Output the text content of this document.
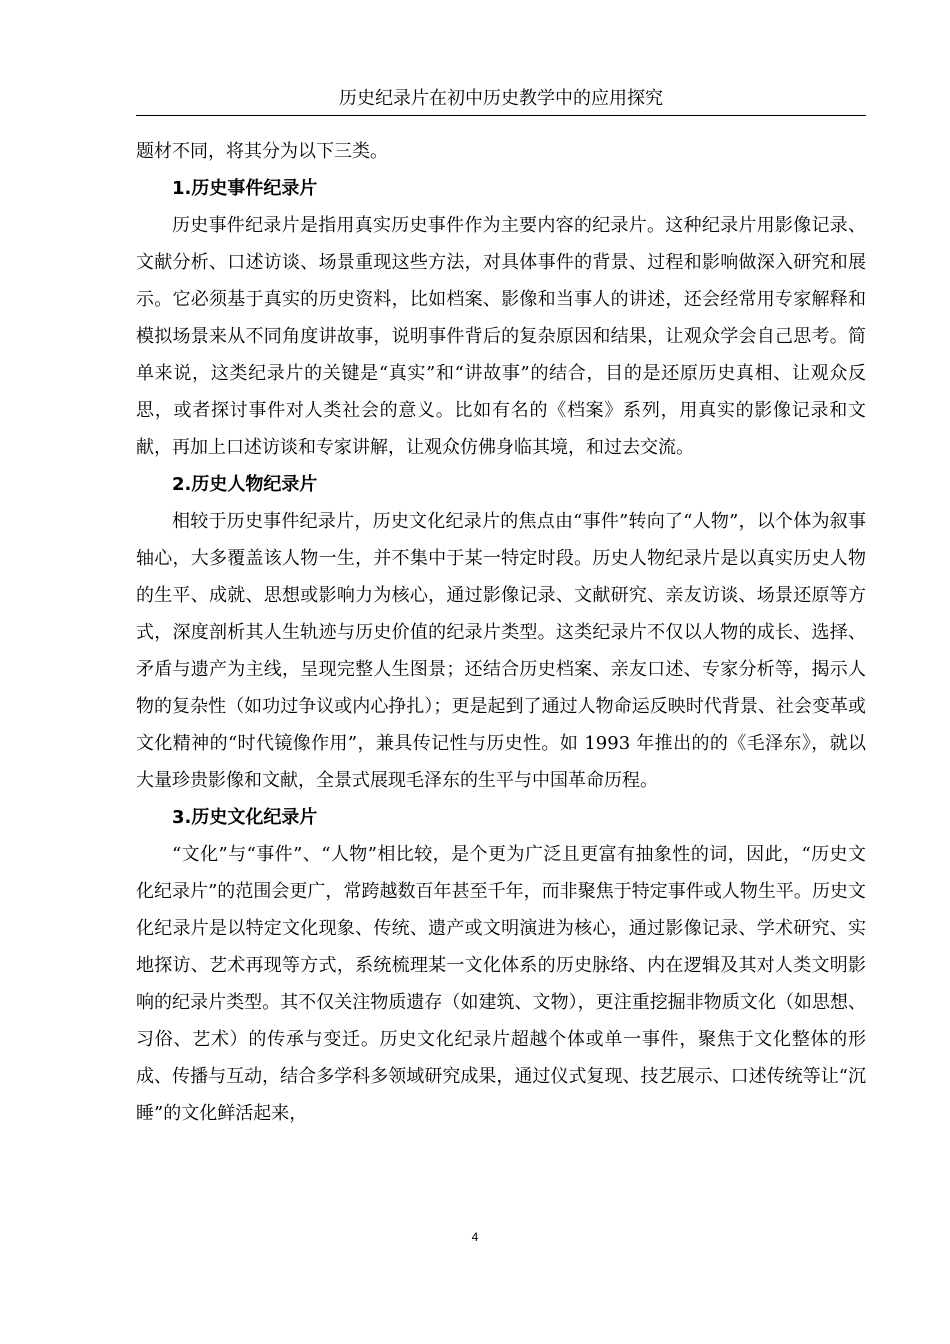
历史纪录片在初中历史教学中的应用探究

题材不同，将其分为以下三类。

1.历史事件纪录片

历史事件纪录片是指用真实历史事件作为主要内容的纪录片。这种纪录片用影像记录、文献分析、口述访谈、场景重现这些方法，对具体事件的背景、过程和影响做深入研究和展示。它必须基于真实的历史资料，比如档案、影像和当事人的讲述，还会经常用专家解释和模拟场景来从不同角度讲故事，说明事件背后的复杂原因和结果，让观众学会自己思考。简单来说，这类纪录片的关键是“真实”和“讲故事”的结合，目的是还原历史真相、让观众反思，或者探讨事件对人类社会的意义。比如有名的《档案》系列，用真实的影像记录和文献，再加上口述访谈和专家讲解，让观众仿佛身临其境，和过去交流。

2.历史人物纪录片

相较于历史事件纪录片，历史文化纪录片的焦点由“事件”转向了“人物”，以个体为叙事轴心，大多覆盖该人物一生，并不集中于某一特定时段。历史人物纪录片是以真实历史人物的生平、成就、思想或影响力为核心，通过影像记录、文献研究、亲友访谈、场景还原等方式，深度剖析其人生轨迹与历史价值的纪录片类型。这类纪录片不仅以人物的成长、选择、矛盾与遗产为主线，呈现完整人生图景；还结合历史档案、亲友口述、专家分析等，揭示人物的复杂性（如功过争议或内心挣扎）；更是起到了通过人物命运反映时代背景、社会变革或文化精神的“时代镜像作用”，兼具传记性与历史性。如 1993 年推出的的《毛泽东》，就以大量珍贵影像和文献，全景式展现毛泽东的生平与中国革命历程。

3.历史文化纪录片

“文化”与“事件”、“人物”相比较，是个更为广泛且更富有抽象性的词，因此，“历史文化纪录片”的范围会更广，常跨越数百年甚至千年，而非聚焦于特定事件或人物生平。历史文化纪录片是以特定文化现象、传统、遗产或文明演进为核心，通过影像记录、学术研究、实地探访、艺术再现等方式，系统梳理某一文化体系的历史脉络、内在逻辑及其对人类文明影响的纪录片类型。其不仅关注物质遗存（如建筑、文物），更注重挖掘非物质文化（如思想、习俗、艺术）的传承与变迁。历史文化纪录片超越个体或单一事件，聚焦于文化整体的形成、传播与互动，结合多学科多领域研究成果，通过仪式复现、技艺展示、口述传统等让“沉睡”的文化鲜活起来，

4
